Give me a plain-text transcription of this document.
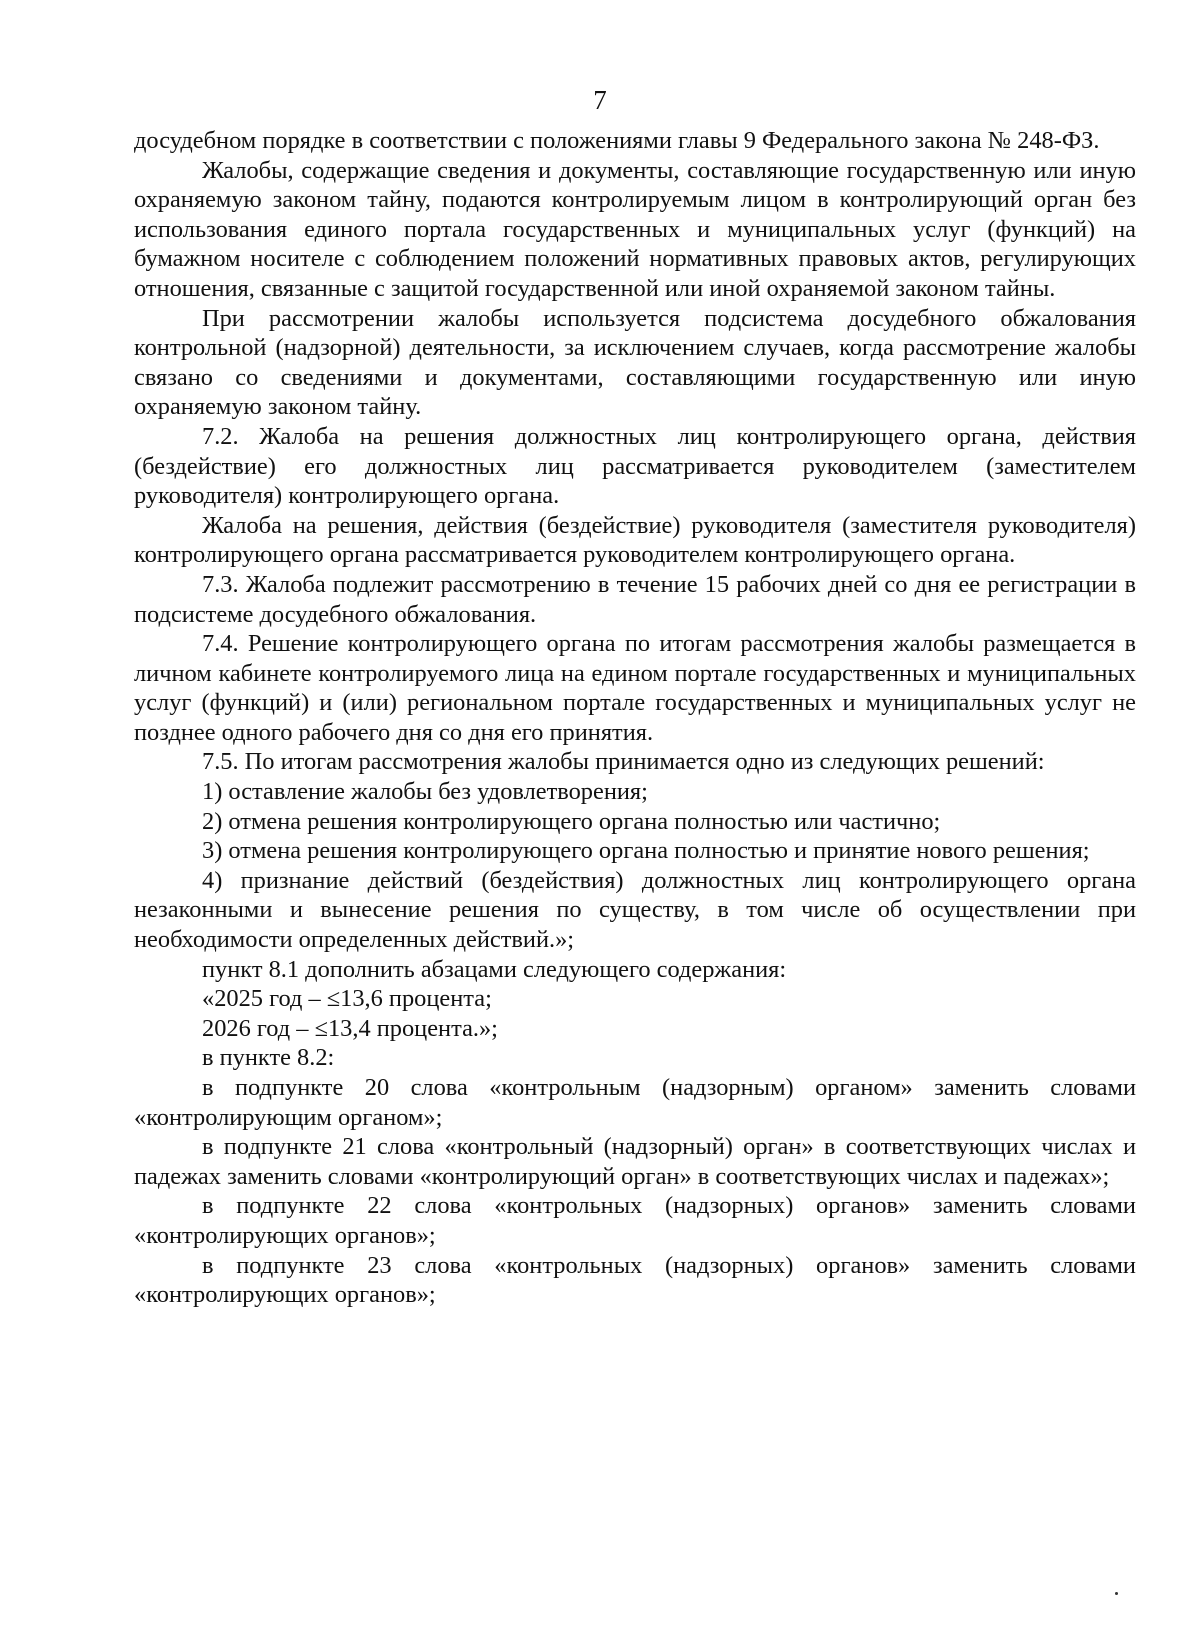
7

досудебном порядке в соответствии с положениями главы 9 Федерального закона № 248-ФЗ.

Жалобы, содержащие сведения и документы, составляющие государственную или иную охраняемую законом тайну, подаются контролируемым лицом в контролирующий орган без использования единого портала государственных и муниципальных услуг (функций) на бумажном носителе с соблюдением положений нормативных правовых актов, регулирующих отношения, связанные с защитой государственной или иной охраняемой законом тайны.

При рассмотрении жалобы используется подсистема досудебного обжалования контрольной (надзорной) деятельности, за исключением случаев, когда рассмотрение жалобы связано со сведениями и документами, составляющими государственную или иную охраняемую законом тайну.

7.2. Жалоба на решения должностных лиц контролирующего органа, действия (бездействие) его должностных лиц рассматривается руководителем (заместителем руководителя) контролирующего органа.

Жалоба на решения, действия (бездействие) руководителя (заместителя руководителя) контролирующего органа рассматривается руководителем контролирующего органа.

7.3. Жалоба подлежит рассмотрению в течение 15 рабочих дней со дня ее регистрации в подсистеме досудебного обжалования.

7.4. Решение контролирующего органа по итогам рассмотрения жалобы размещается в личном кабинете контролируемого лица на едином портале государственных и муниципальных услуг (функций) и (или) региональном портале государственных и муниципальных услуг не позднее одного рабочего дня со дня его принятия.

7.5. По итогам рассмотрения жалобы принимается одно из следующих решений:

1) оставление жалобы без удовлетворения;

2) отмена решения контролирующего органа полностью или частично;

3) отмена решения контролирующего органа полностью и принятие нового решения;

4) признание действий (бездействия) должностных лиц контролирующего органа незаконными и вынесение решения по существу, в том числе об осуществлении при необходимости определенных действий.»;

пункт 8.1 дополнить абзацами следующего содержания:

«2025 год – ≤13,6 процента;

2026 год – ≤13,4 процента.»;

в пункте 8.2:

в подпункте 20 слова «контрольным (надзорным) органом» заменить словами «контролирующим органом»;

в подпункте 21 слова «контрольный (надзорный) орган» в соответствующих числах и падежах заменить словами «контролирующий орган» в соответствующих числах и падежах»;

в подпункте 22 слова «контрольных (надзорных) органов» заменить словами «контролирующих органов»;

в подпункте 23 слова «контрольных (надзорных) органов» заменить словами «контролирующих органов»;
